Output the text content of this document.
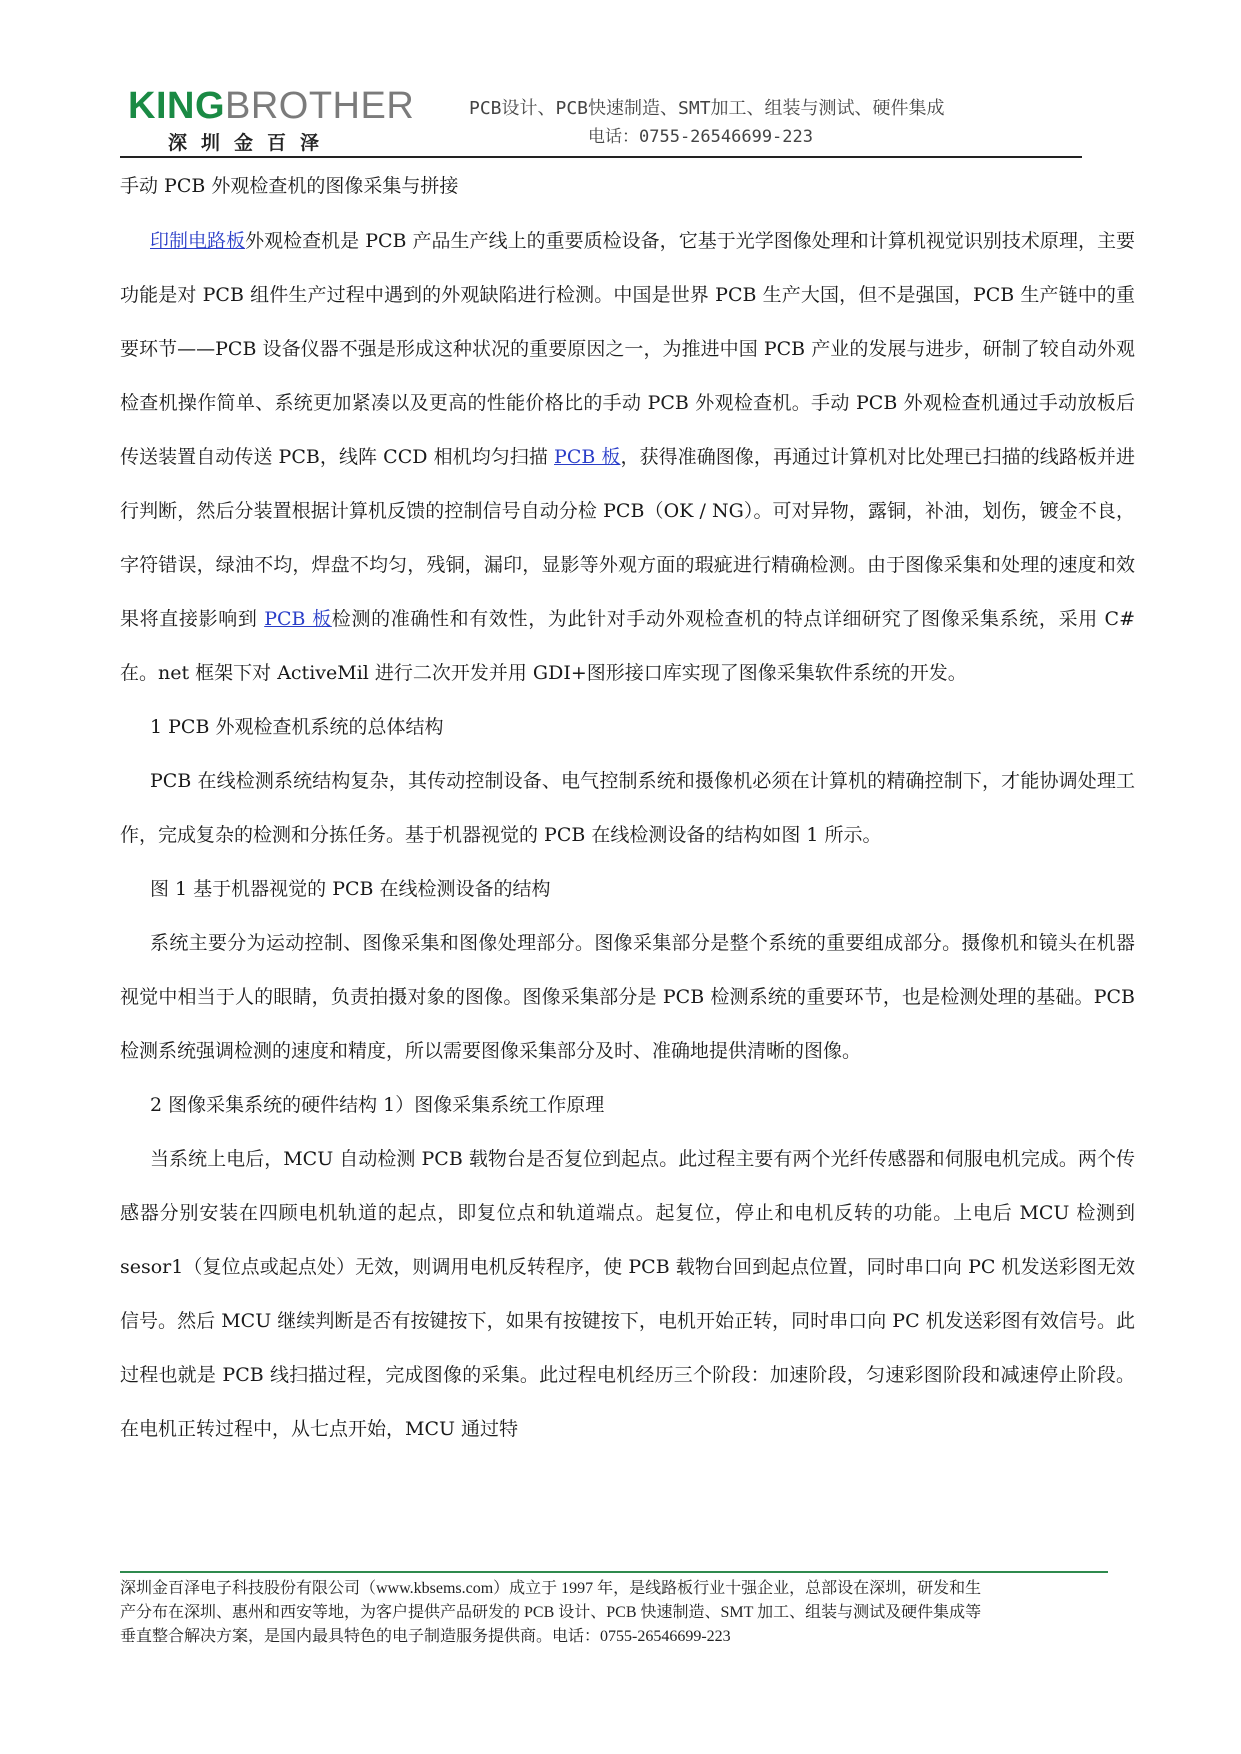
KINGBROTHER
深圳金百泽
PCB设计、PCB快速制造、SMT加工、组装与测试、硬件集成
电话：0755-26546699-223

手动 PCB 外观检查机的图像采集与拼接

印制电路板外观检查机是 PCB 产品生产线上的重要质检设备，它基于光学图像处理和计算机视觉识别技术原理，主要功能是对 PCB 组件生产过程中遇到的外观缺陷进行检测。中国是世界 PCB 生产大国，但不是强国，PCB 生产链中的重要环节——PCB 设备仪器不强是形成这种状况的重要原因之一，为推进中国 PCB 产业的发展与进步，研制了较自动外观检查机操作简单、系统更加紧凑以及更高的性能价格比的手动 PCB 外观检查机。手动 PCB 外观检查机通过手动放板后传送装置自动传送 PCB，线阵 CCD 相机均匀扫描 PCB 板，获得准确图像，再通过计算机对比处理已扫描的线路板并进行判断，然后分装置根据计算机反馈的控制信号自动分检 PCB（OK / NG）。可对异物，露铜，补油，划伤，镀金不良，字符错误，绿油不均，焊盘不均匀，残铜，漏印，显影等外观方面的瑕疵进行精确检测。由于图像采集和处理的速度和效果将直接影响到 PCB 板检测的准确性和有效性，为此针对手动外观检查机的特点详细研究了图像采集系统，采用 C#在。net 框架下对 ActiveMil 进行二次开发并用 GDI+图形接口库实现了图像采集软件系统的开发。

1 PCB 外观检查机系统的总体结构

PCB 在线检测系统结构复杂，其传动控制设备、电气控制系统和摄像机必须在计算机的精确控制下，才能协调处理工作，完成复杂的检测和分拣任务。基于机器视觉的 PCB 在线检测设备的结构如图 1 所示。

图 1 基于机器视觉的 PCB 在线检测设备的结构

系统主要分为运动控制、图像采集和图像处理部分。图像采集部分是整个系统的重要组成部分。摄像机和镜头在机器视觉中相当于人的眼睛，负责拍摄对象的图像。图像采集部分是 PCB 检测系统的重要环节，也是检测处理的基础。PCB 检测系统强调检测的速度和精度，所以需要图像采集部分及时、准确地提供清晰的图像。

2 图像采集系统的硬件结构 1）图像采集系统工作原理

当系统上电后，MCU 自动检测 PCB 载物台是否复位到起点。此过程主要有两个光纤传感器和伺服电机完成。两个传感器分别安装在四顾电机轨道的起点，即复位点和轨道端点。起复位，停止和电机反转的功能。上电后 MCU 检测到 sesor1（复位点或起点处）无效，则调用电机反转程序，使 PCB 载物台回到起点位置，同时串口向 PC 机发送彩图无效信号。然后 MCU 继续判断是否有按键按下，如果有按键按下，电机开始正转，同时串口向 PC 机发送彩图有效信号。此过程也就是 PCB 线扫描过程，完成图像的采集。此过程电机经历三个阶段：加速阶段，匀速彩图阶段和减速停止阶段。在电机正转过程中，从七点开始，MCU 通过特

深圳金百泽电子科技股份有限公司（www.kbsems.com）成立于 1997 年，是线路板行业十强企业，总部设在深圳，研发和生

产分布在深圳、惠州和西安等地，为客户提供产品研发的 PCB 设计、PCB 快速制造、SMT 加工、组装与测试及硬件集成等

垂直整合解决方案，是国内最具特色的电子制造服务提供商。电话：0755-26546699-223
